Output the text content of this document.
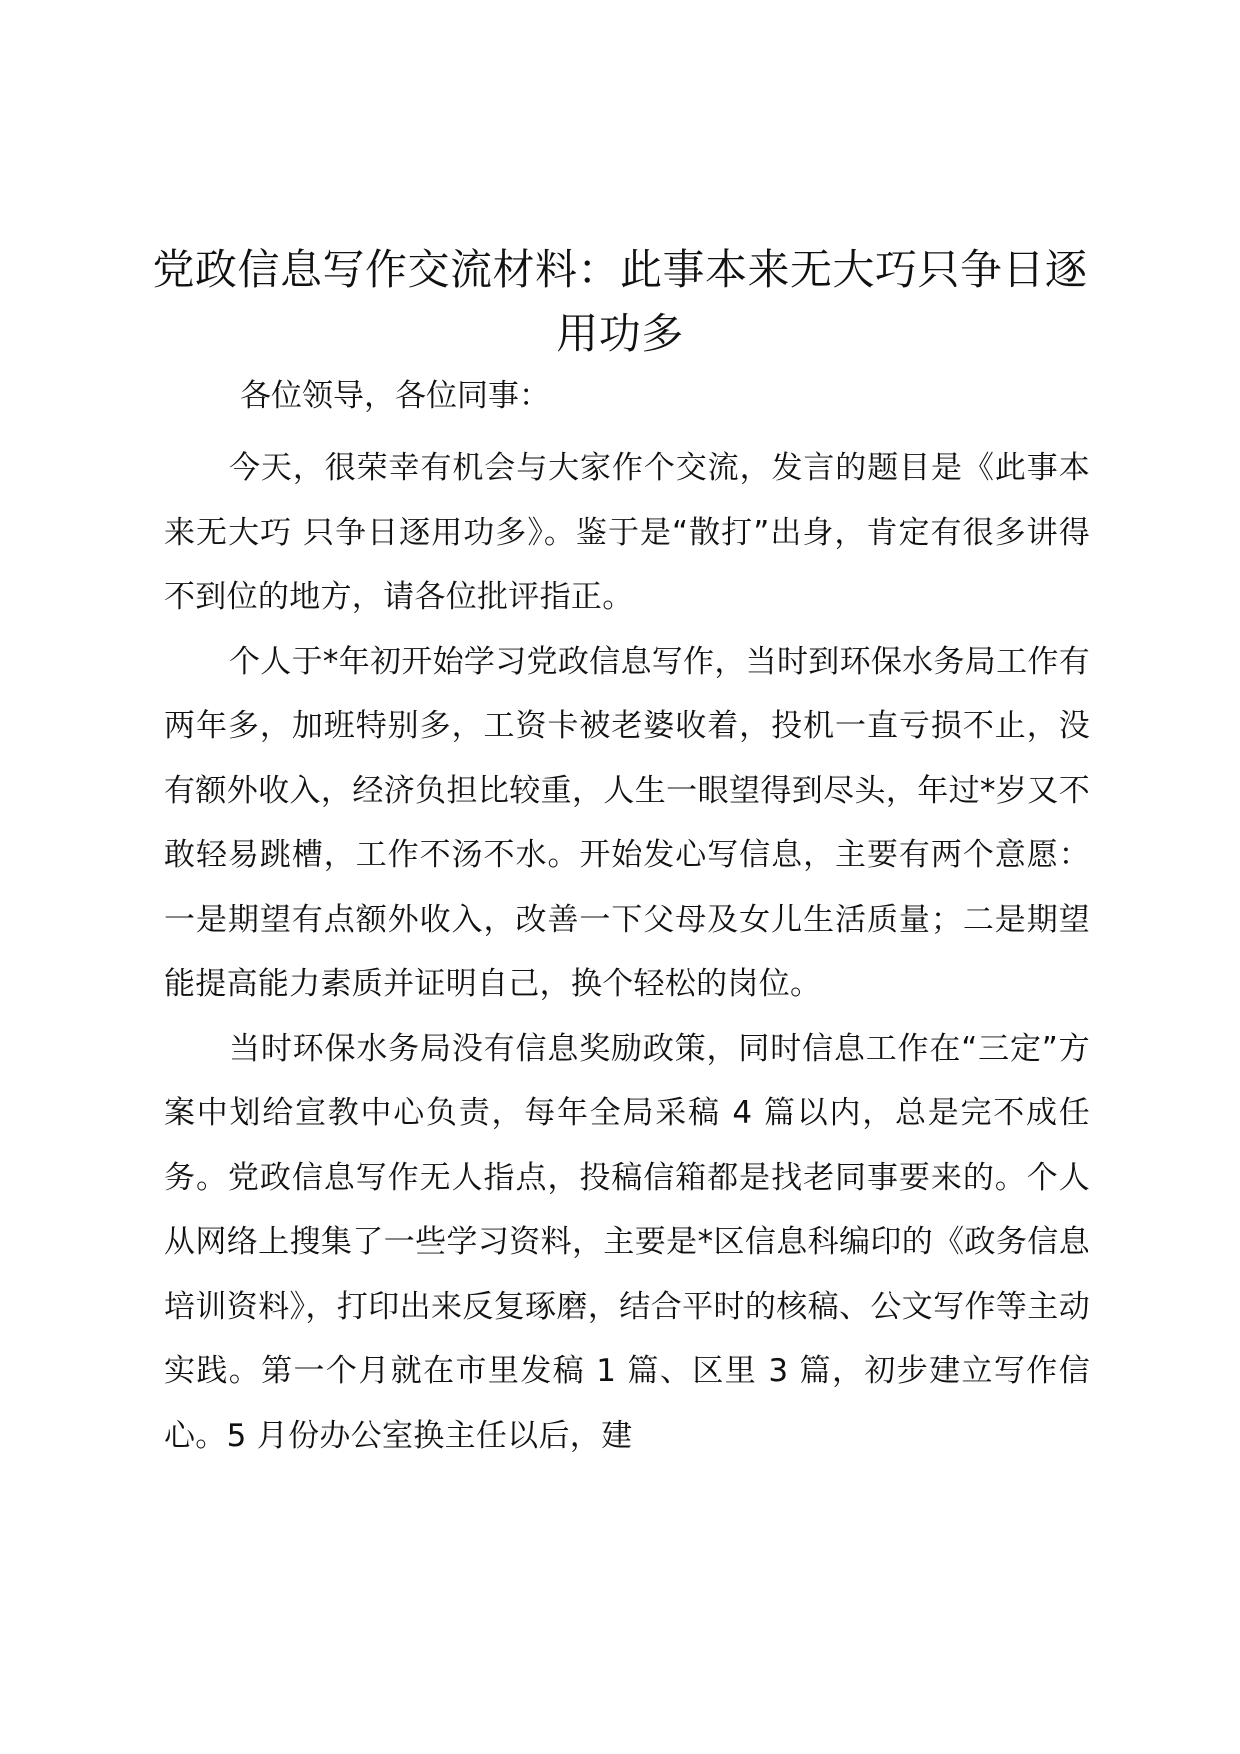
党政信息写作交流材料：此事本来无大巧只争日逐用功多

各位领导，各位同事：

今天，很荣幸有机会与大家作个交流，发言的题目是《此事本来无大巧 只争日逐用功多》。鉴于是“散打”出身，肯定有很多讲得不到位的地方，请各位批评指正。

个人于*年初开始学习党政信息写作，当时到环保水务局工作有两年多，加班特别多，工资卡被老婆收着，投机一直亏损不止，没有额外收入，经济负担比较重，人生一眼望得到尽头，年过*岁又不敢轻易跳槽，工作不汤不水。开始发心写信息，主要有两个意愿：一是期望有点额外收入，改善一下父母及女儿生活质量；二是期望能提高能力素质并证明自己，换个轻松的岗位。

当时环保水务局没有信息奖励政策，同时信息工作在“三定”方案中划给宣教中心负责，每年全局采稿 4 篇以内，总是完不成任务。党政信息写作无人指点，投稿信箱都是找老同事要来的。个人从网络上搜集了一些学习资料，主要是*区信息科编印的《政务信息培训资料》，打印出来反复琢磨，结合平时的核稿、公文写作等主动实践。第一个月就在市里发稿 1 篇、区里 3 篇，初步建立写作信心。5 月份办公室换主任以后，建
